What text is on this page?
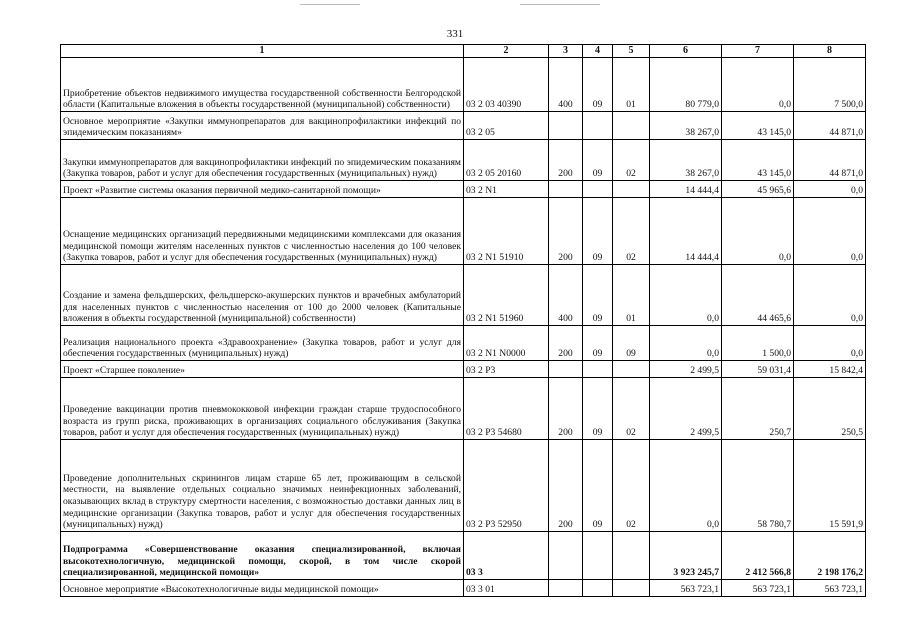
331
1	2	3	4	5	6	7	8
Приобретение объектов недвижимого имущества государственной собственности Белгородской области (Капитальные вложения в объекты государственной (муниципальной) собственности)	03 2 03 40390	400	09	01	80 779,0	0,0	7 500,0
Основное мероприятие «Закупки иммунопрепаратов для вакцинопрофилактики инфекций по эпидемическим показаниям»	03 2 05				38 267,0	43 145,0	44 871,0
Закупки иммунопрепаратов для вакцинопрофилактики инфекций по эпидемическим показаниям (Закупка товаров, работ и услуг для обеспечения государственных (муниципальных) нужд)	03 2 05 20160	200	09	02	38 267,0	43 145,0	44 871,0
Проект «Развитие системы оказания первичной медико-санитарной помощи»	03 2 N1				14 444,4	45 965,6	0,0
Оснащение медицинских организаций передвижными медицинскими комплексами для оказания медицинской помощи жителям населенных пунктов с численностью населения до 100 человек (Закупка товаров, работ и услуг для обеспечения государственных (муниципальных) нужд)	03 2 N1 51910	200	09	02	14 444,4	0,0	0,0
Создание и замена фельдшерских, фельдшерско-акушерских пунктов и врачебных амбулаторий для населенных пунктов с численностью населения от 100 до 2000 человек (Капитальные вложения в объекты государственной (муниципальной) собственности)	03 2 N1 51960	400	09	01	0,0	44 465,6	0,0
Реализация национального проекта «Здравоохранение» (Закупка товаров, работ и услуг для обеспечения государственных (муниципальных) нужд)	03 2 N1 N0000	200	09	09	0,0	1 500,0	0,0
Проект «Старшее поколение»	03 2 P3				2 499,5	59 031,4	15 842,4
Проведение вакцинации против пневмококковой инфекции граждан старше трудоспособного возраста из групп риска, проживающих в организациях социального обслуживания (Закупка товаров, работ и услуг для обеспечения государственных (муниципальных) нужд)	03 2 P3 54680	200	09	02	2 499,5	250,7	250,5
Проведение дополнительных скринингов лицам старше 65 лет, проживающим в сельской местности, на выявление отдельных социально значимых неинфекционных заболеваний, оказывающих вклад в структуру смертности населения, с возможностью доставки данных лиц в медицинские организации (Закупка товаров, работ и услуг для обеспечения государственных (муниципальных) нужд)	03 2 P3 52950	200	09	02	0,0	58 780,7	15 591,9
Подпрограмма «Совершенствование оказания специализированной, включая высокотехнологичную, медицинской помощи, скорой, в том числе скорой специализированной, медицинской помощи»	03 3				3 923 245,7	2 412 566,8	2 198 176,2
Основное мероприятие «Высокотехнологичные виды медицинской помощи»	03 3 01				563 723,1	563 723,1	563 723,1
